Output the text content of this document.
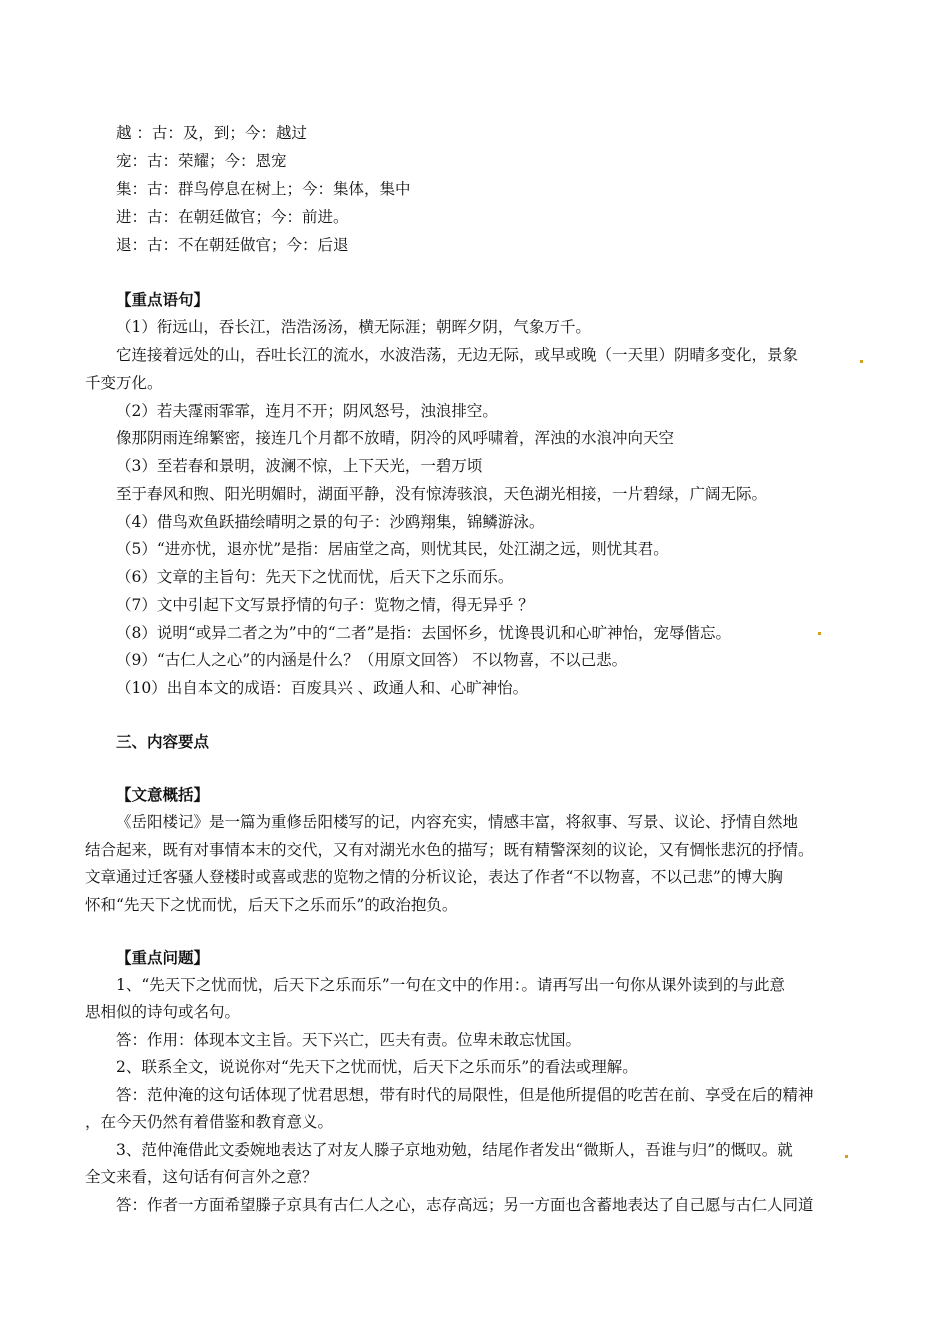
越 ：古：及，到；今：越过
宠：古：荣耀；今：恩宠
集：古：群鸟停息在树上；今：集体，集中
进：古：在朝廷做官；今：前进。
退：古：不在朝廷做官；今：后退
【重点语句】
（1）衔远山，吞长江，浩浩汤汤，横无际涯；朝晖夕阴，气象万千。
它连接着远处的山，吞吐长江的流水，水波浩荡，无边无际，或早或晚（一天里）阴晴多变化，景象
千变万化。
（2）若夫霪雨霏霏，连月不开；阴风怒号，浊浪排空。
像那阴雨连绵繁密，接连几个月都不放晴，阴冷的风呼啸着，浑浊的水浪冲向天空
（3）至若春和景明，波澜不惊，上下天光，一碧万顷
至于春风和煦、阳光明媚时，湖面平静，没有惊涛骇浪，天色湖光相接，一片碧绿，广阔无际。
（4）借鸟欢鱼跃描绘晴明之景的句子：沙鸥翔集，锦鳞游泳。
（5）“进亦忧，退亦忧”是指：居庙堂之高，则忧其民，处江湖之远，则忧其君。
（6）文章的主旨句：先天下之忧而忧，后天下之乐而乐。
（7）文中引起下文写景抒情的句子：览物之情，得无异乎 ？
（8）说明“或异二者之为”中的“二者”是指：去国怀乡，忧谗畏讥和心旷神怡，宠辱偕忘。
（9）“古仁人之心”的内涵是什么？（用原文回答） 不以物喜，不以己悲。
（10）出自本文的成语：百废具兴 、政通人和、心旷神怡。
三、内容要点
【文意概括】
《岳阳楼记》是一篇为重修岳阳楼写的记，内容充实，情感丰富，将叙事、写景、议论、抒情自然地
结合起来，既有对事情本末的交代，又有对湖光水色的描写；既有精警深刻的议论，又有惆怅悲沉的抒情。
文章通过迁客骚人登楼时或喜或悲的览物之情的分析议论，表达了作者“不以物喜，不以己悲”的博大胸
怀和“先天下之忧而忧，后天下之乐而乐”的政治抱负。
【重点问题】
1、“先天下之忧而忧，后天下之乐而乐”一句在文中的作用：。请再写出一句你从课外读到的与此意
思相似的诗句或名句。
答：作用：体现本文主旨。天下兴亡，匹夫有责。位卑未敢忘忧国。
2、联系全文，说说你对“先天下之忧而忧，后天下之乐而乐”的看法或理解。
答：范仲淹的这句话体现了忧君思想，带有时代的局限性，但是他所提倡的吃苦在前、享受在后的精神
，在今天仍然有着借鉴和教育意义。
3、范仲淹借此文委婉地表达了对友人滕子京地劝勉，结尾作者发出“微斯人，吾谁与归”的慨叹。就
全文来看，这句话有何言外之意？
答：作者一方面希望滕子京具有古仁人之心，志存高远；另一方面也含蓄地表达了自己愿与古仁人同道
